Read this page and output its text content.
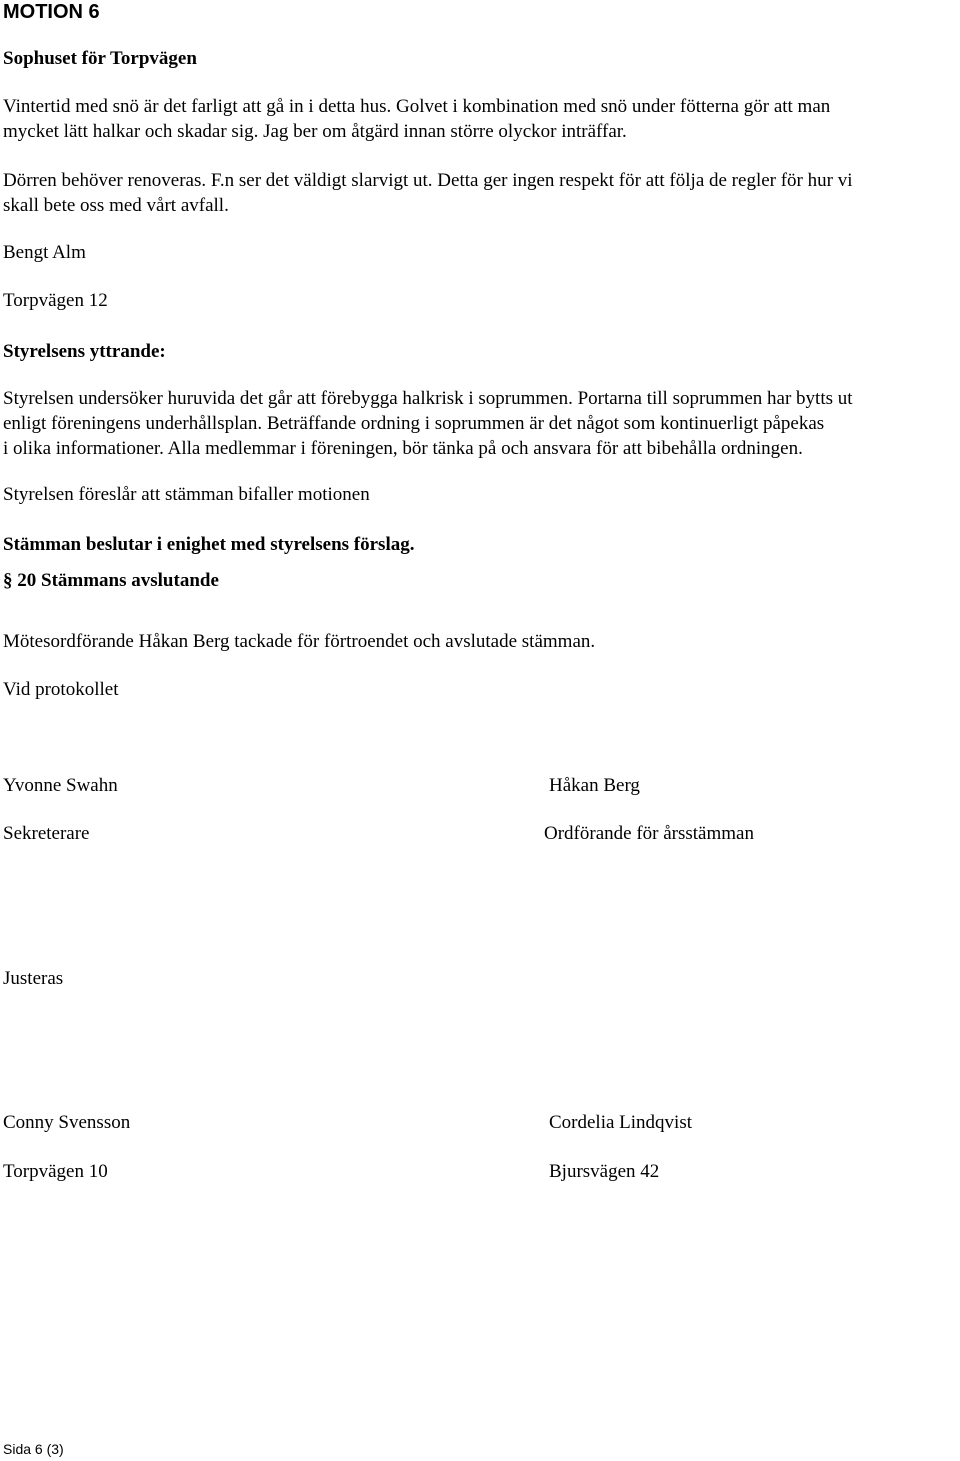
MOTION 6
Sophuset för Torpvägen

Vintertid med snö är det farligt att gå in i detta hus. Golvet i kombination med snö under fötterna gör att man

mycket lätt halkar och skadar sig. Jag ber om åtgärd innan större olyckor inträffar.

Dörren behöver renoveras. F.n ser det väldigt slarvigt ut. Detta ger ingen respekt för att följa de regler för hur vi

skall bete oss med vårt avfall.

Bengt Alm
Torpvägen 12
Styrelsens yttrande:

Styrelsen undersöker huruvida det går att förebygga halkrisk i soprummen. Portarna till soprummen har bytts ut

enligt föreningens underhållsplan. Beträffande ordning i soprummen är det något som kontinuerligt påpekas

i olika informationer. Alla medlemmar i föreningen, bör tänka på och ansvara för att bibehålla ordningen.

Styrelsen föreslår att stämman bifaller motionen
Stämman beslutar i enighet med styrelsens förslag.
§ 20 Stämmans avslutande
Mötesordförande Håkan Berg tackade för förtroendet och avslutade stämman.
Vid protokollet
Yvonne Swahn	Håkan Berg
Sekreterare	Ordförande för årsstämman
Justeras
Conny Svensson	Cordelia Lindqvist
Torpvägen 10	Bjursvägen 42
Sida 6 (3)
